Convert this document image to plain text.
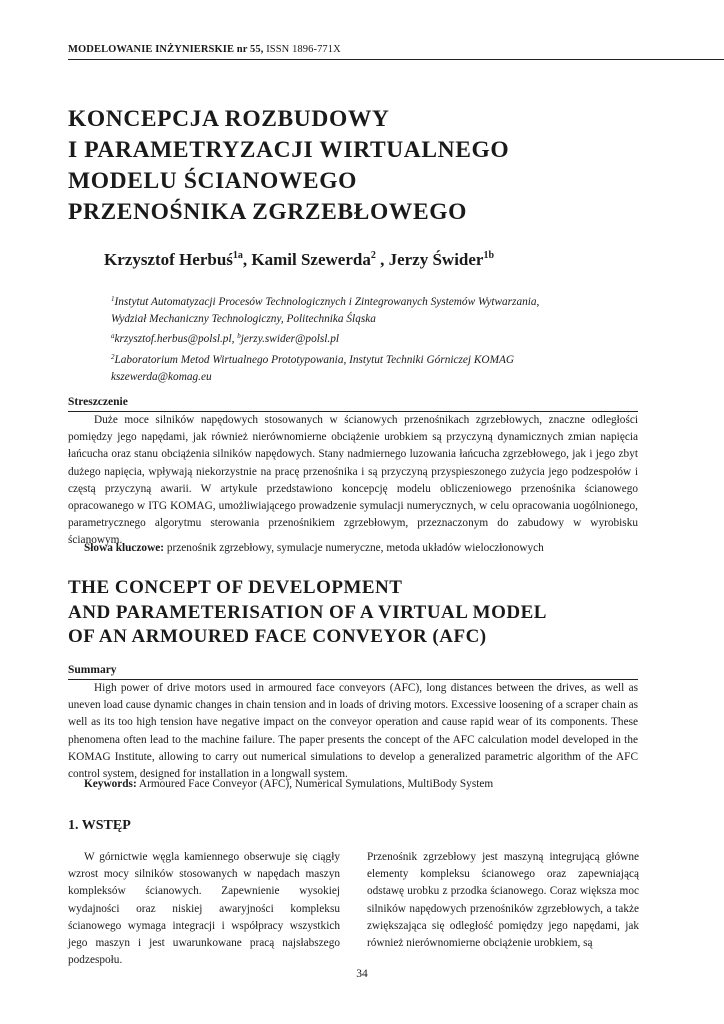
MODELOWANIE INŻYNIERSKIE nr 55, ISSN 1896-771X
KONCEPCJA ROZBUDOWY
I PARAMETRYZACJI WIRTUALNEGO
MODELU ŚCIANOWEGO
PRZENOŚNIKA ZGRZEBŁOWEGO
Krzysztof Herbuś$^{1a}$, Kamil Szewerda$^2$ , Jerzy Świder$^{1b}$
$^1$Instytut Automatyzacji Procesów Technologicznych i Zintegrowanych Systemów Wytwarzania,
Wydział Mechaniczny Technologiczny, Politechnika Śląska
$^a$krzysztof.herbus@polsl.pl, $^b$jerzy.swider@polsl.pl
$^2$Laboratorium Metod Wirtualnego Prototypowania, Instytut Techniki Górniczej KOMAG
kszewerda@komag.eu
Streszczenie

Duże moce silników napędowych stosowanych w ścianowych przenośnikach zgrzebłowych, znaczne odległości pomiędzy jego napędami, jak również nierównomierne obciążenie urobkiem są przyczyną dynamicznych zmian napięcia łańcucha oraz stanu obciążenia silników napędowych. Stany nadmiernego luzowania łańcucha zgrzebłowego, jak i jego zbyt dużego napięcia, wpływają niekorzystnie na pracę przenośnika i są przyczyną przyspieszonego zużycia jego podzespołów i częstą przyczyną awarii. W artykule przedstawiono koncepcję modelu obliczeniowego przenośnika ścianowego opracowanego w ITG KOMAG, umożliwiającego prowadzenie symulacji numerycznych, w celu opracowania uogólnionego, parametrycznego algorytmu sterowania przenośnikiem zgrzebłowym, przeznaczonym do zabudowy w wyrobisku ścianowym.

Słowa kluczowe: przenośnik zgrzebłowy, symulacje numeryczne, metoda układów wieloczłonowych
THE CONCEPT OF DEVELOPMENT
AND PARAMETERISATION OF A VIRTUAL MODEL
OF AN ARMOURED FACE CONVEYOR (AFC)
Summary

High power of drive motors used in armoured face conveyors (AFC), long distances between the drives, as well as uneven load cause dynamic changes in chain tension and in loads of driving motors. Excessive loosening of a scraper chain as well as its too high tension have negative impact on the conveyor operation and cause rapid wear of its components. These phenomena often lead to the machine failure. The paper presents the concept of the AFC calculation model developed in the KOMAG Institute, allowing to carry out numerical simulations to develop a generalized parametric algorithm of the AFC control system, designed for installation in a longwall system.

Keywords: Armoured Face Conveyor (AFC), Numerical Symulations, MultiBody System
1. WSTĘP

W górnictwie węgla kamiennego obserwuje się ciągły wzrost mocy silników stosowanych w napędach maszyn kompleksów ścianowych. Zapewnienie wysokiej wydajności oraz niskiej awaryjności kompleksu ścianowego wymaga integracji i współpracy wszystkich jego maszyn i jest uwarunkowane pracą najsłabszego podzespołu.

Przenośnik zgrzebłowy jest maszyną integrującą główne elementy kompleksu ścianowego oraz zapewniającą odstawę urobku z przodka ścianowego. Coraz większa moc silników napędowych przenośników zgrzebłowych, a także zwiększająca się odległość pomiędzy jego napędami, jak również nierównomierne obciążenie urobkiem, są

34
